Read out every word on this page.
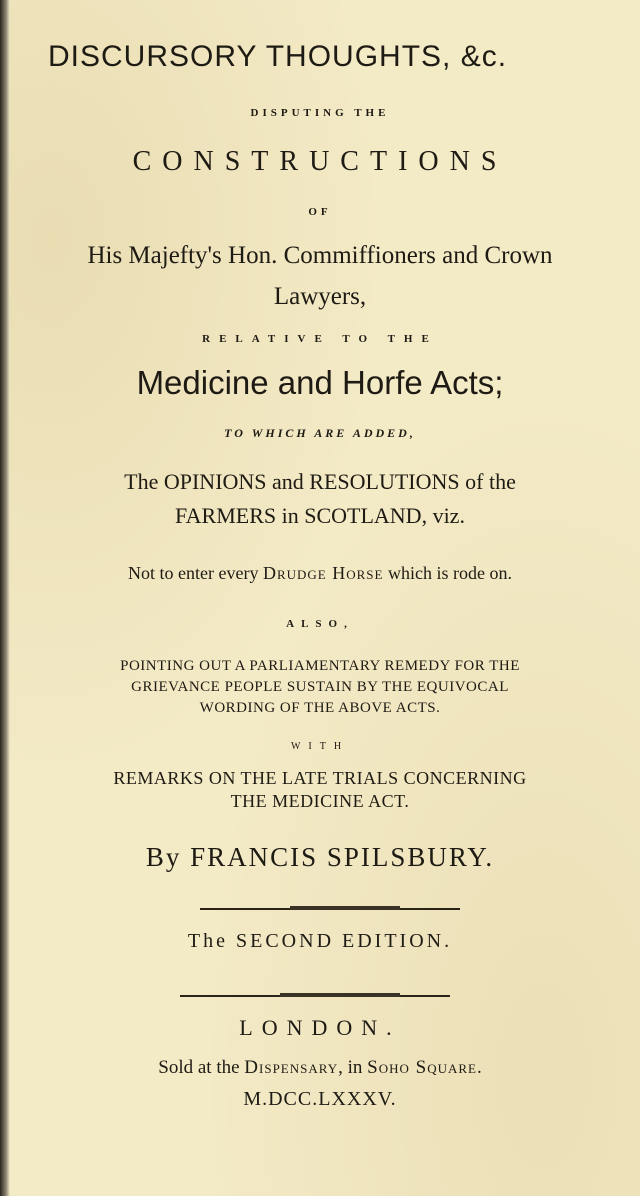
DISCURSORY THOUGHTS, &c.
DISPUTING THE
CONSTRUCTIONS
OF
His Majefty's Hon. Commiffioners and Crown
Lawyers,
RELATIVE TO THE
Medicine and Horfe Acts;
TO WHICH ARE ADDED,
The OPINIONS and RESOLUTIONS of the
FARMERS in SCOTLAND, viz.
Not to enter every Drudge Horse which is rode on.
ALSO,
POINTING OUT A PARLIAMENTARY REMEDY FOR THE
GRIEVANCE PEOPLE SUSTAIN BY THE EQUIVOCAL
WORDING OF THE ABOVE ACTS.
WITH
REMARKS ON THE LATE TRIALS CONCERNING
THE MEDICINE ACT.
By FRANCIS SPILSBURY.
The SECOND EDITION.
LONDON.
Sold at the Dispensary, in Soho Square.
M.DCC.LXXXV.
